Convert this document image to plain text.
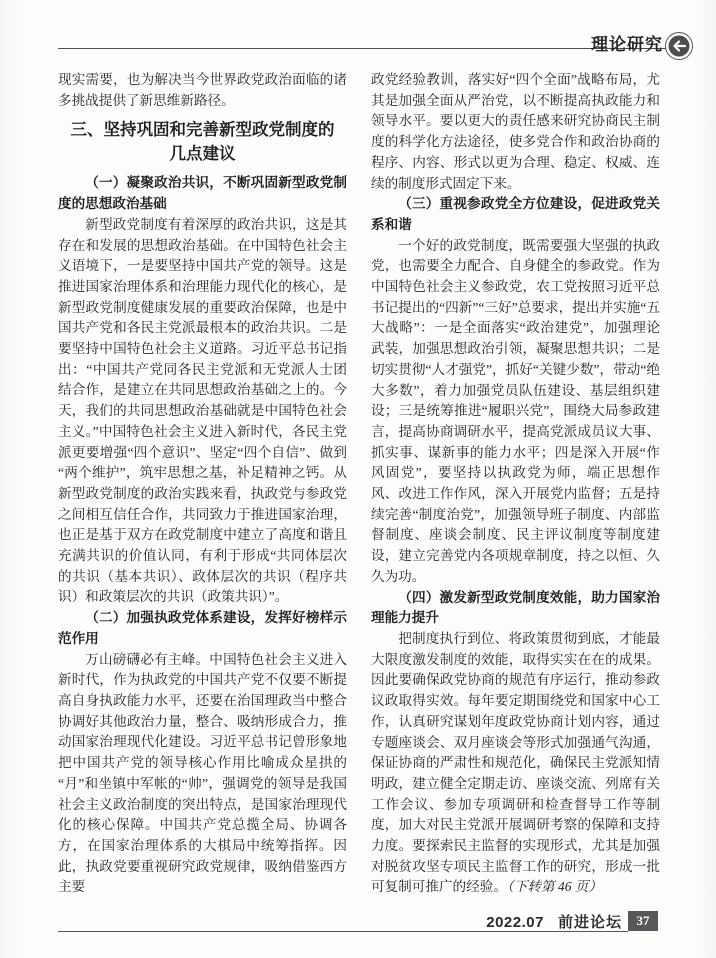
理论研究

现实需要，也为解决当今世界政党政治面临的诸多挑战提供了新思维新路径。

三、坚持巩固和完善新型政党制度的几点建议
（一）凝聚政治共识，不断巩固新型政党制度的思想政治基础

新型政党制度有着深厚的政治共识，这是其存在和发展的思想政治基础。在中国特色社会主义语境下，一是要坚持中国共产党的领导。这是推进国家治理体系和治理能力现代化的核心，是新型政党制度健康发展的重要政治保障，也是中国共产党和各民主党派最根本的政治共识。二是要坚持中国特色社会主义道路。习近平总书记指出：“中国共产党同各民主党派和无党派人士团结合作，是建立在共同思想政治基础之上的。今天，我们的共同思想政治基础就是中国特色社会主义。”中国特色社会主义进入新时代，各民主党派更要增强“四个意识”、坚定“四个自信”、做到“两个维护”，筑牢思想之基，补足精神之钙。从新型政党制度的政治实践来看，执政党与参政党之间相互信任合作，共同致力于推进国家治理，也正是基于双方在政党制度中建立了高度和谐且充满共识的价值认同，有利于形成“共同体层次的共识（基本共识）、政体层次的共识（程序共识）和政策层次的共识（政策共识）”。

（二）加强执政党体系建设，发挥好榜样示范作用

万山磅礴必有主峰。中国特色社会主义进入新时代，作为执政党的中国共产党不仅要不断提高自身执政能力水平，还要在治国理政当中整合协调好其他政治力量，整合、吸纳形成合力，推动国家治理现代化建设。习近平总书记曾形象地把中国共产党的领导核心作用比喻成众星拱的“月”和坐镇中军帐的“帅”，强调党的领导是我国社会主义政治制度的突出特点，是国家治理现代化的核心保障。中国共产党总揽全局、协调各方，在国家治理体系的大棋局中统筹指挥。因此，执政党要重视研究政党规律，吸纳借鉴西方主要

政党经验教训，落实好“四个全面”战略布局，尤其是加强全面从严治党，以不断提高执政能力和领导水平。要以更大的责任感来研究协商民主制度的科学化方法途径，使多党合作和政治协商的程序、内容、形式以更为合理、稳定、权威、连续的制度形式固定下来。

（三）重视参政党全方位建设，促进政党关系和谐

一个好的政党制度，既需要强大坚强的执政党，也需要全力配合、自身健全的参政党。作为中国特色社会主义参政党，农工党按照习近平总书记提出的“四新”“三好”总要求，提出并实施“五大战略”：一是全面落实“政治建党”，加强理论武装，加强思想政治引领，凝聚思想共识；二是切实贯彻“人才强党”，抓好“关键少数”，带动“绝大多数”，着力加强党员队伍建设、基层组织建设；三是统筹推进“履职兴党”，围绕大局参政建言，提高协商调研水平，提高党派成员议大事、抓实事、谋新事的能力水平；四是深入开展“作风固党”，要坚持以执政党为师，端正思想作风、改进工作作风，深入开展党内监督；五是持续完善“制度治党”，加强领导班子制度、内部监督制度、座谈会制度、民主评议制度等制度建设，建立完善党内各项规章制度，持之以恒、久久为功。

（四）激发新型政党制度效能，助力国家治理能力提升

把制度执行到位、将政策贯彻到底，才能最大限度激发制度的效能，取得实实在在的成果。因此要确保政党协商的规范有序运行，推动参政议政取得实效。每年要定期围绕党和国家中心工作，认真研究谋划年度政党协商计划内容，通过专题座谈会、双月座谈会等形式加强通气沟通，保证协商的严肃性和规范化，确保民主党派知情明政，建立健全定期走访、座谈交流、列席有关工作会议、参加专项调研和检查督导工作等制度，加大对民主党派开展调研考察的保障和支持力度。要探索民主监督的实现形式，尤其是加强对脱贫攻坚专项民主监督工作的研究，形成一批可复制可推广的经验。（下转第 46 页）

2022.07 前进论坛	37
